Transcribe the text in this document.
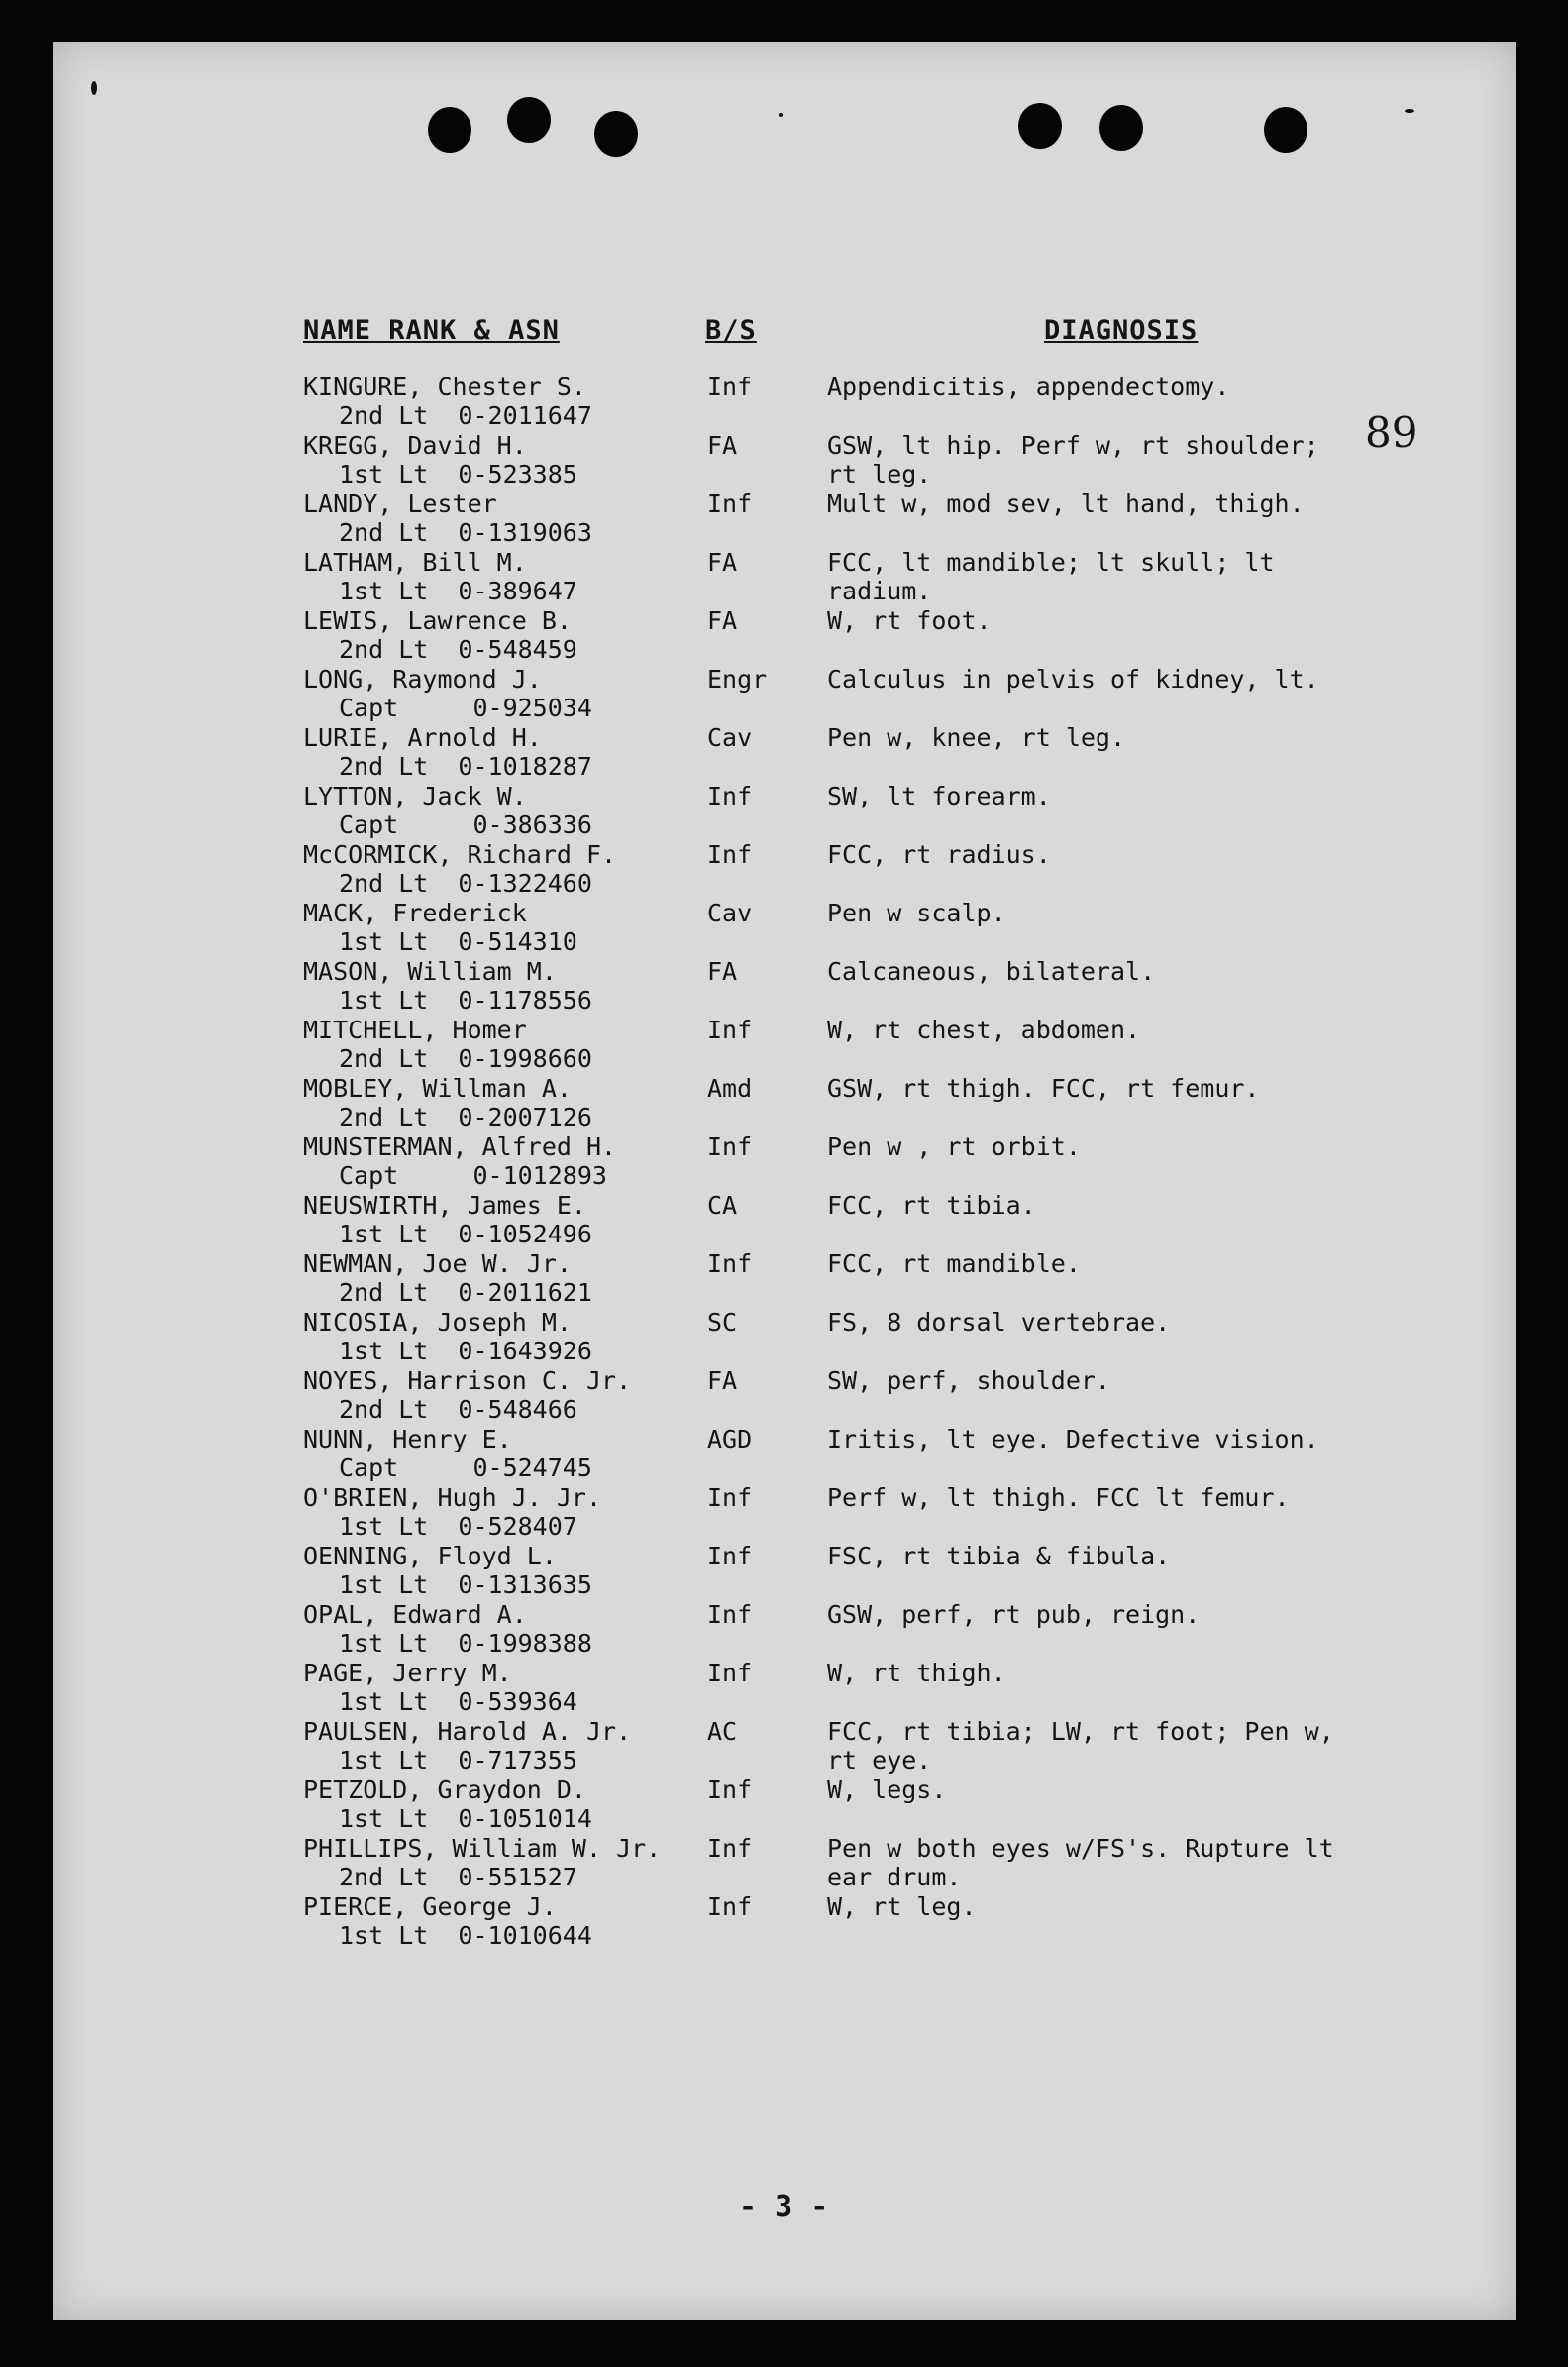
NAME RANK & ASN	B/S	DIAGNOSIS
89
KINGURE, Chester S.
2nd Lt  0-2011647
Inf	Appendicitis, appendectomy.
KREGG, David H.
1st Lt  0-523385
FA	GSW, lt hip. Perf w, rt shoulder; rt leg.
LANDY, Lester
2nd Lt  0-1319063
Inf	Mult w, mod sev, lt hand, thigh.
LATHAM, Bill M.
1st Lt  0-389647
FA	FCC, lt mandible; lt skull; lt radium.
LEWIS, Lawrence B.
2nd Lt  0-548459
FA	W, rt foot.
LONG, Raymond J.
Capt     0-925034
Engr Calculus in pelvis of kidney, lt.
LURIE, Arnold H.
2nd Lt  0-1018287
Cav	Pen w, knee, rt leg.
LYTTON, Jack W.
Capt     0-386336
Inf	SW, lt forearm.
McCORMICK, Richard F.
2nd Lt  0-1322460
Inf	FCC, rt radius.
MACK, Frederick
1st Lt  0-514310
Cav	Pen w scalp.
MASON, William M.
1st Lt  0-1178556
FA	Calcaneous, bilateral.
MITCHELL, Homer
2nd Lt  0-1998660
Inf	W, rt chest, abdomen.
MOBLEY, Willman A.
2nd Lt  0-2007126
Amd	GSW, rt thigh. FCC, rt femur.
MUNSTERMAN, Alfred H.
Capt     0-1012893
Inf	Pen w , rt orbit.
NEUSWIRTH, James E.
1st Lt  0-1052496
CA	FCC, rt tibia.
NEWMAN, Joe W. Jr.
2nd Lt  0-2011621
Inf	FCC, rt mandible.
NICOSIA, Joseph M.
1st Lt  0-1643926
SC	FS, 8 dorsal vertebrae.
NOYES, Harrison C. Jr.
2nd Lt  0-548466
FA	SW, perf, shoulder.
NUNN, Henry E.
Capt     0-524745
AGD	Iritis, lt eye. Defective vision.
O'BRIEN, Hugh J. Jr.
1st Lt  0-528407
Inf	Perf w, lt thigh. FCC lt femur.
OENNING, Floyd L.
1st Lt  0-1313635
Inf	FSC, rt tibia & fibula.
OPAL, Edward A.
1st Lt  0-1998388
Inf	GSW, perf, rt pub, reign.
PAGE, Jerry M.
1st Lt  0-539364
Inf	W, rt thigh.
PAULSEN, Harold A. Jr.
1st Lt  0-717355
AC	FCC, rt tibia; LW, rt foot; Pen w, rt eye.
PETZOLD, Graydon D.
1st Lt  0-1051014
Inf	W, legs.
PHILLIPS, William W. Jr.
2nd Lt  0-551527
Inf	Pen w both eyes w/FS's. Rupture lt ear drum.
PIERCE, George J.
1st Lt  0-1010644
Inf	W, rt leg.
- 3 -
